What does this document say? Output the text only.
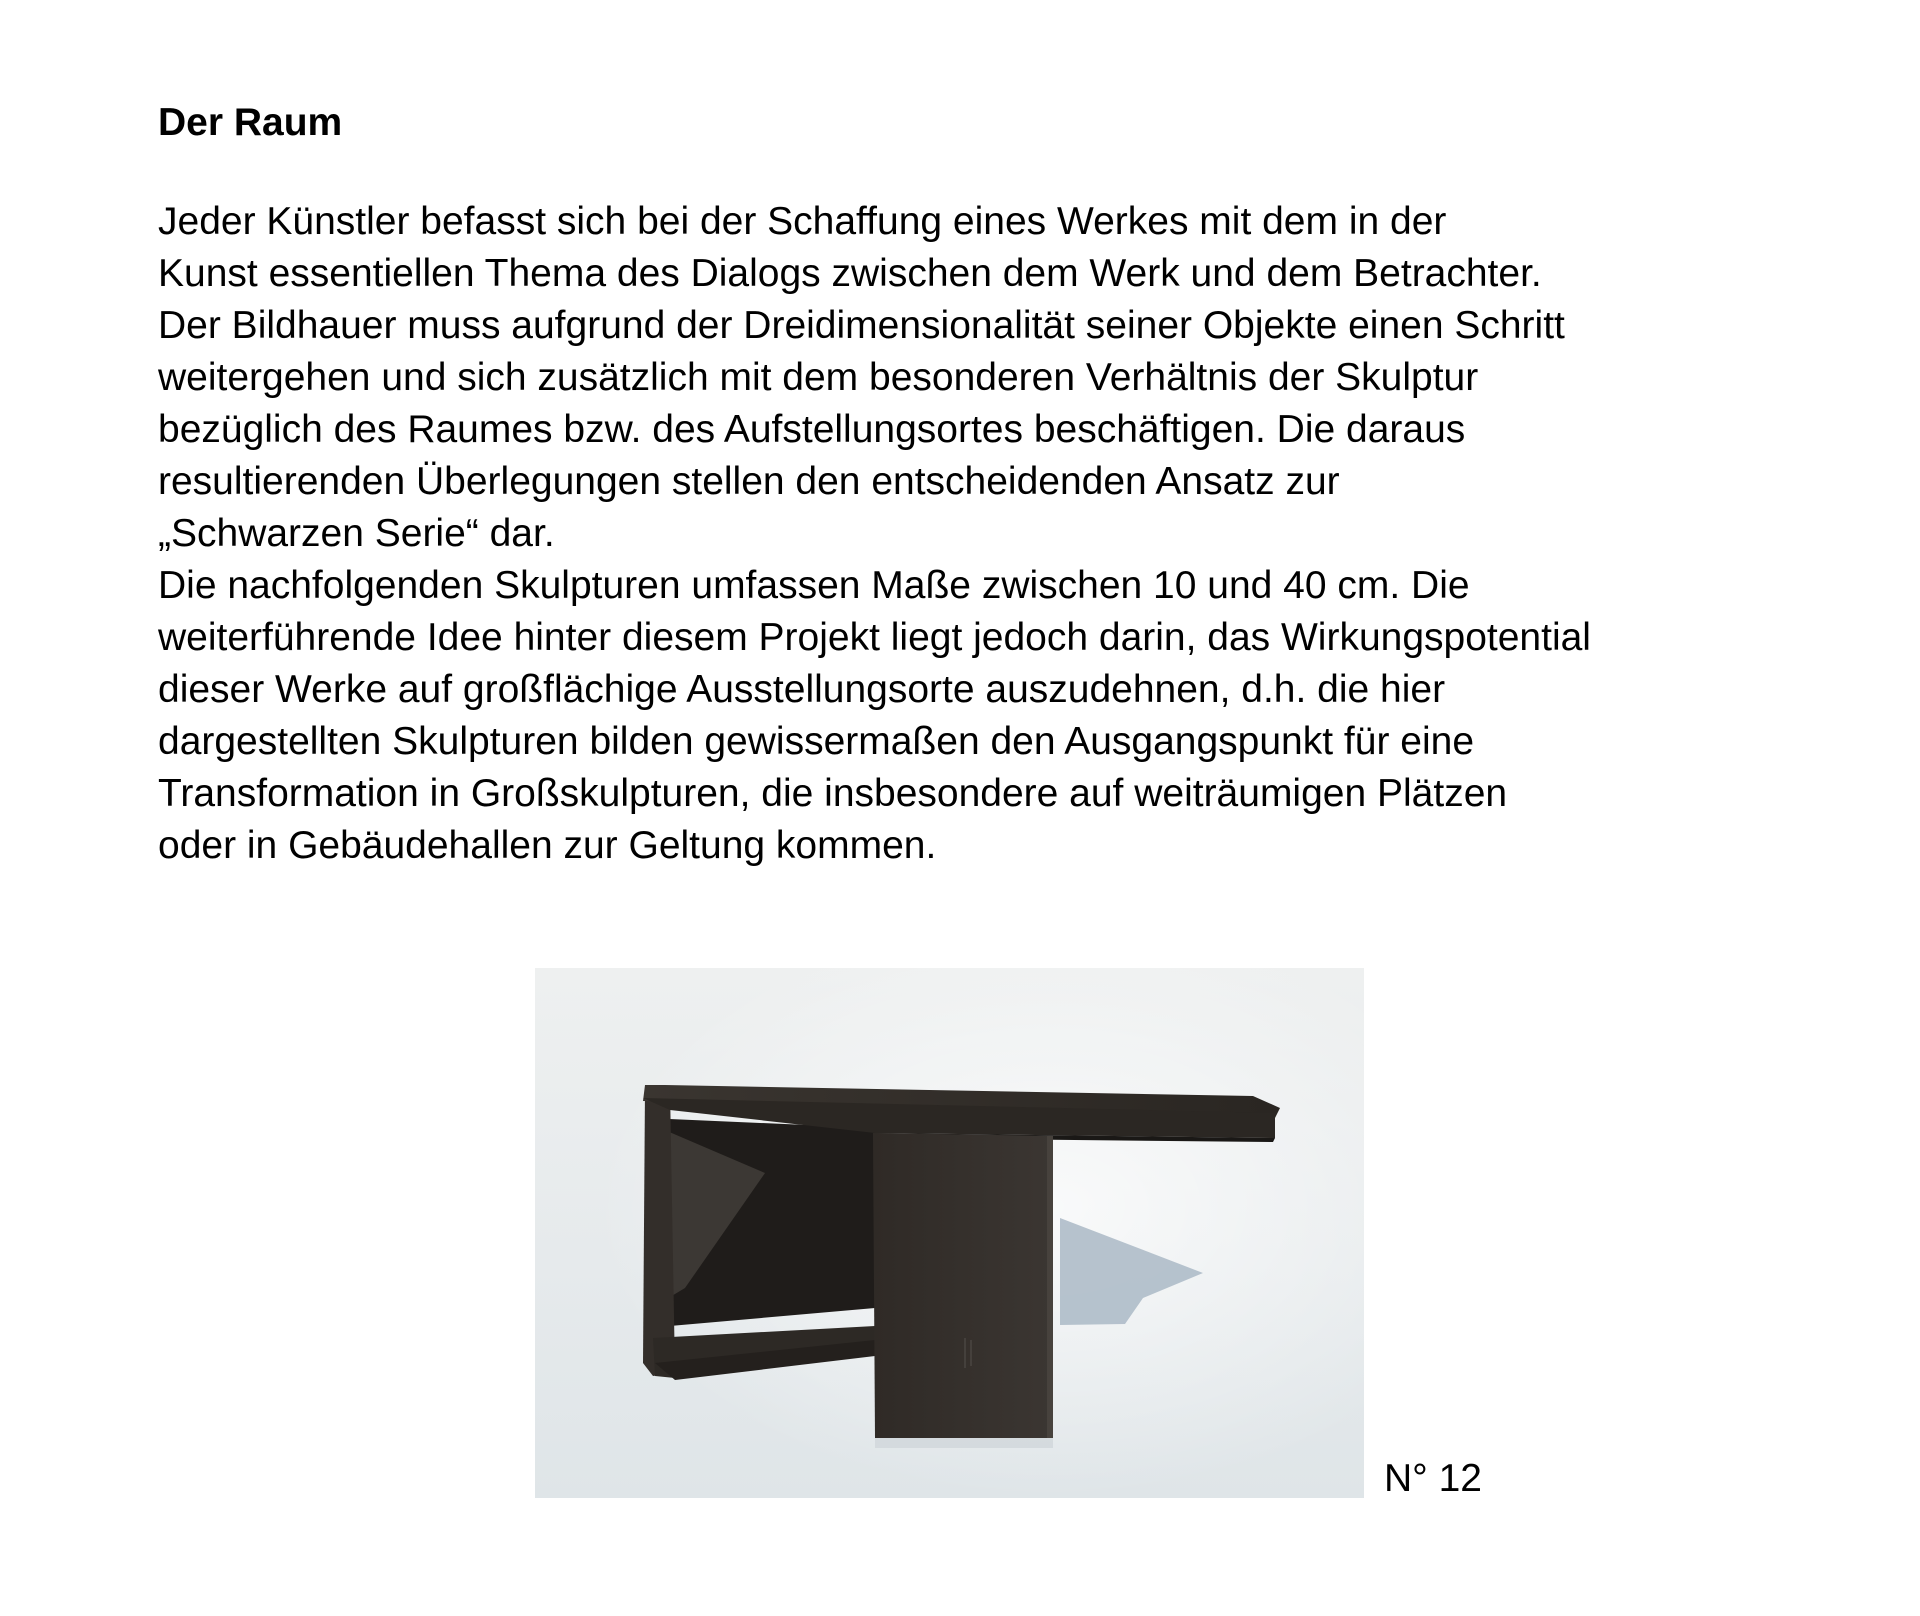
Der Raum
Jeder Künstler befasst sich bei der Schaffung eines Werkes mit dem in der
Kunst essentiellen Thema des Dialogs zwischen dem Werk und dem Betrachter.
Der Bildhauer muss aufgrund der Dreidimensionalität seiner Objekte einen Schritt
weitergehen und sich zusätzlich mit dem besonderen Verhältnis der Skulptur
bezüglich des Raumes bzw. des Aufstellungsortes beschäftigen. Die daraus
resultierenden Überlegungen stellen den entscheidenden Ansatz zur
„Schwarzen Serie“ dar.
Die nachfolgenden Skulpturen umfassen Maße zwischen 10 und 40 cm. Die
weiterführende Idee hinter diesem Projekt liegt jedoch darin, das Wirkungspotential
dieser Werke auf großflächige Ausstellungsorte auszudehnen, d.h. die hier
dargestellten Skulpturen bilden gewissermaßen den Ausgangspunkt für eine
Transformation in Großskulpturen, die insbesondere auf weiträumigen Plätzen
oder in Gebäudehallen zur Geltung kommen.
N° 12
